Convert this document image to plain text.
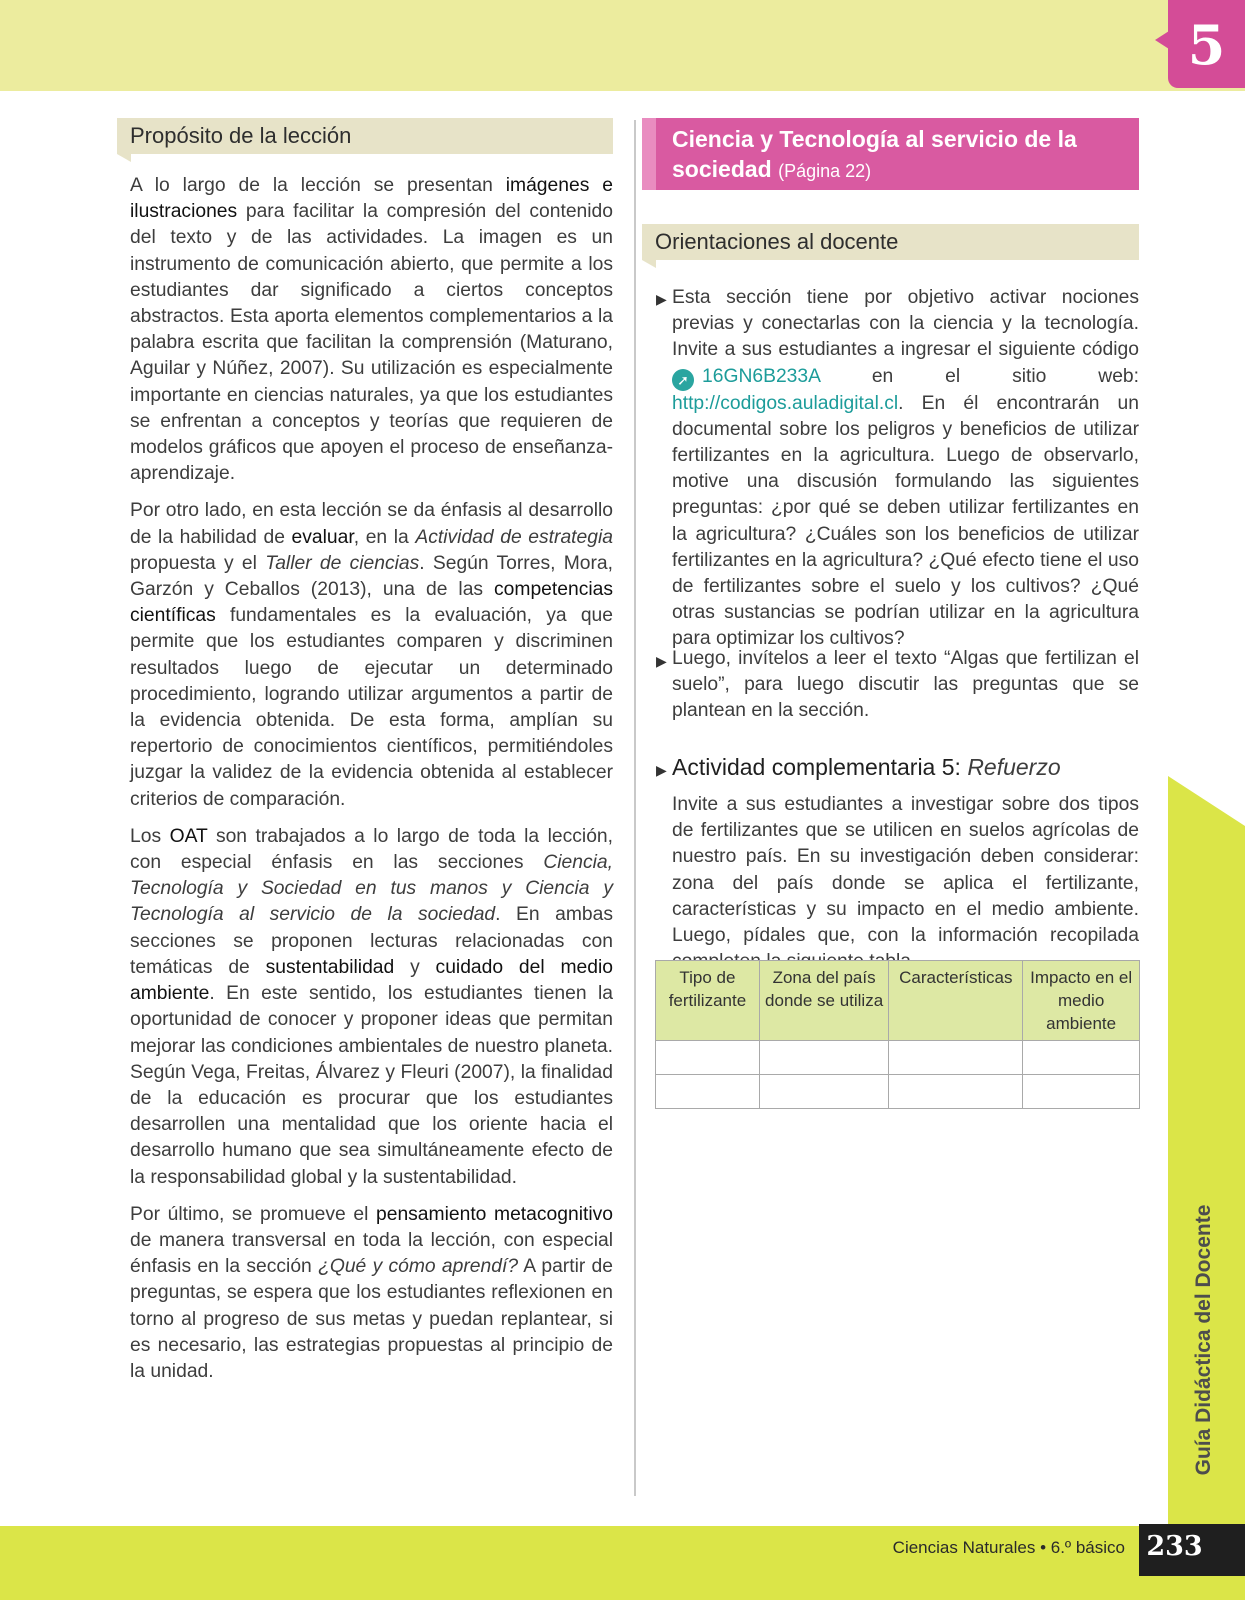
5
Guía Didáctica del Docente
Ciencias Naturales • 6.º básico 233
Propósito de la lección

A lo largo de la lección se presentan imágenes e ilustraciones para facilitar la compresión del contenido del texto y de las actividades. La imagen es un instrumento de comunicación abierto, que permite a los estudiantes dar significado a ciertos conceptos abstractos. Esta aporta elementos complementarios a la palabra escrita que facilitan la comprensión (Maturano, Aguilar y Núñez, 2007). Su utilización es especialmente importante en ciencias naturales, ya que los estudiantes se enfrentan a conceptos y teorías que requieren de modelos gráficos que apoyen el proceso de enseñanza-aprendizaje.

Por otro lado, en esta lección se da énfasis al desarrollo de la habilidad de evaluar, en la Actividad de estrategia propuesta y el Taller de ciencias. Según Torres, Mora, Garzón y Ceballos (2013), una de las competencias científicas fundamentales es la evaluación, ya que permite que los estudiantes comparen y discriminen resultados luego de ejecutar un determinado procedimiento, logrando utilizar argumentos a partir de la evidencia obtenida. De esta forma, amplían su repertorio de conocimientos científicos, permitiéndoles juzgar la validez de la evidencia obtenida al establecer criterios de comparación.

Los OAT son trabajados a lo largo de toda la lección, con especial énfasis en las secciones Ciencia, Tecnología y Sociedad en tus manos y Ciencia y Tecnología al servicio de la sociedad. En ambas secciones se proponen lecturas relacionadas con temáticas de sustentabilidad y cuidado del medio ambiente. En este sentido, los estudiantes tienen la oportunidad de conocer y proponer ideas que permitan mejorar las condiciones ambientales de nuestro planeta. Según Vega, Freitas, Álvarez y Fleuri (2007), la finalidad de la educación es procurar que los estudiantes desarrollen una mentalidad que los oriente hacia el desarrollo humano que sea simultáneamente efecto de la responsabilidad global y la sustentabilidad.

Por último, se promueve el pensamiento metacognitivo de manera transversal en toda la lección, con especial énfasis en la sección ¿Qué y cómo aprendí? A partir de preguntas, se espera que los estudiantes reflexionen en torno al progreso de sus metas y puedan replantear, si es necesario, las estrategias propuestas al principio de la unidad.

Ciencia y Tecnología al servicio de la sociedad (Página 22)
Orientaciones al docente
▶ Esta sección tiene por objetivo activar nociones previas y conectarlas con la ciencia y la tecnología. Invite a sus estudiantes a ingresar el siguiente código ➚ 16GN6B233A en el sitio web: http://codigos.auladigital.cl. En él encontrarán un documental sobre los peligros y beneficios de utilizar fertilizantes en la agricultura. Luego de observarlo, motive una discusión formulando las siguientes preguntas: ¿por qué se deben utilizar fertilizantes en la agricultura? ¿Cuáles son los beneficios de utilizar fertilizantes en la agricultura? ¿Qué efecto tiene el uso de fertilizantes sobre el suelo y los cultivos? ¿Qué otras sustancias se podrían utilizar en la agricultura para optimizar los cultivos?

▶ Luego, invítelos a leer el texto “Algas que fertilizan el suelo”, para luego discutir las preguntas que se plantean en la sección.

▶ Actividad complementaria 5: Refuerzo

Invite a sus estudiantes a investigar sobre dos tipos de fertilizantes que se utilicen en suelos agrícolas de nuestro país. En su investigación deben considerar: zona del país donde se aplica el fertilizante, características y su impacto en el medio ambiente. Luego, pídales que, con la información recopilada

Tipo de fertilizante	Zona del país donde se utiliza	Características	Impacto en el medio ambiente
